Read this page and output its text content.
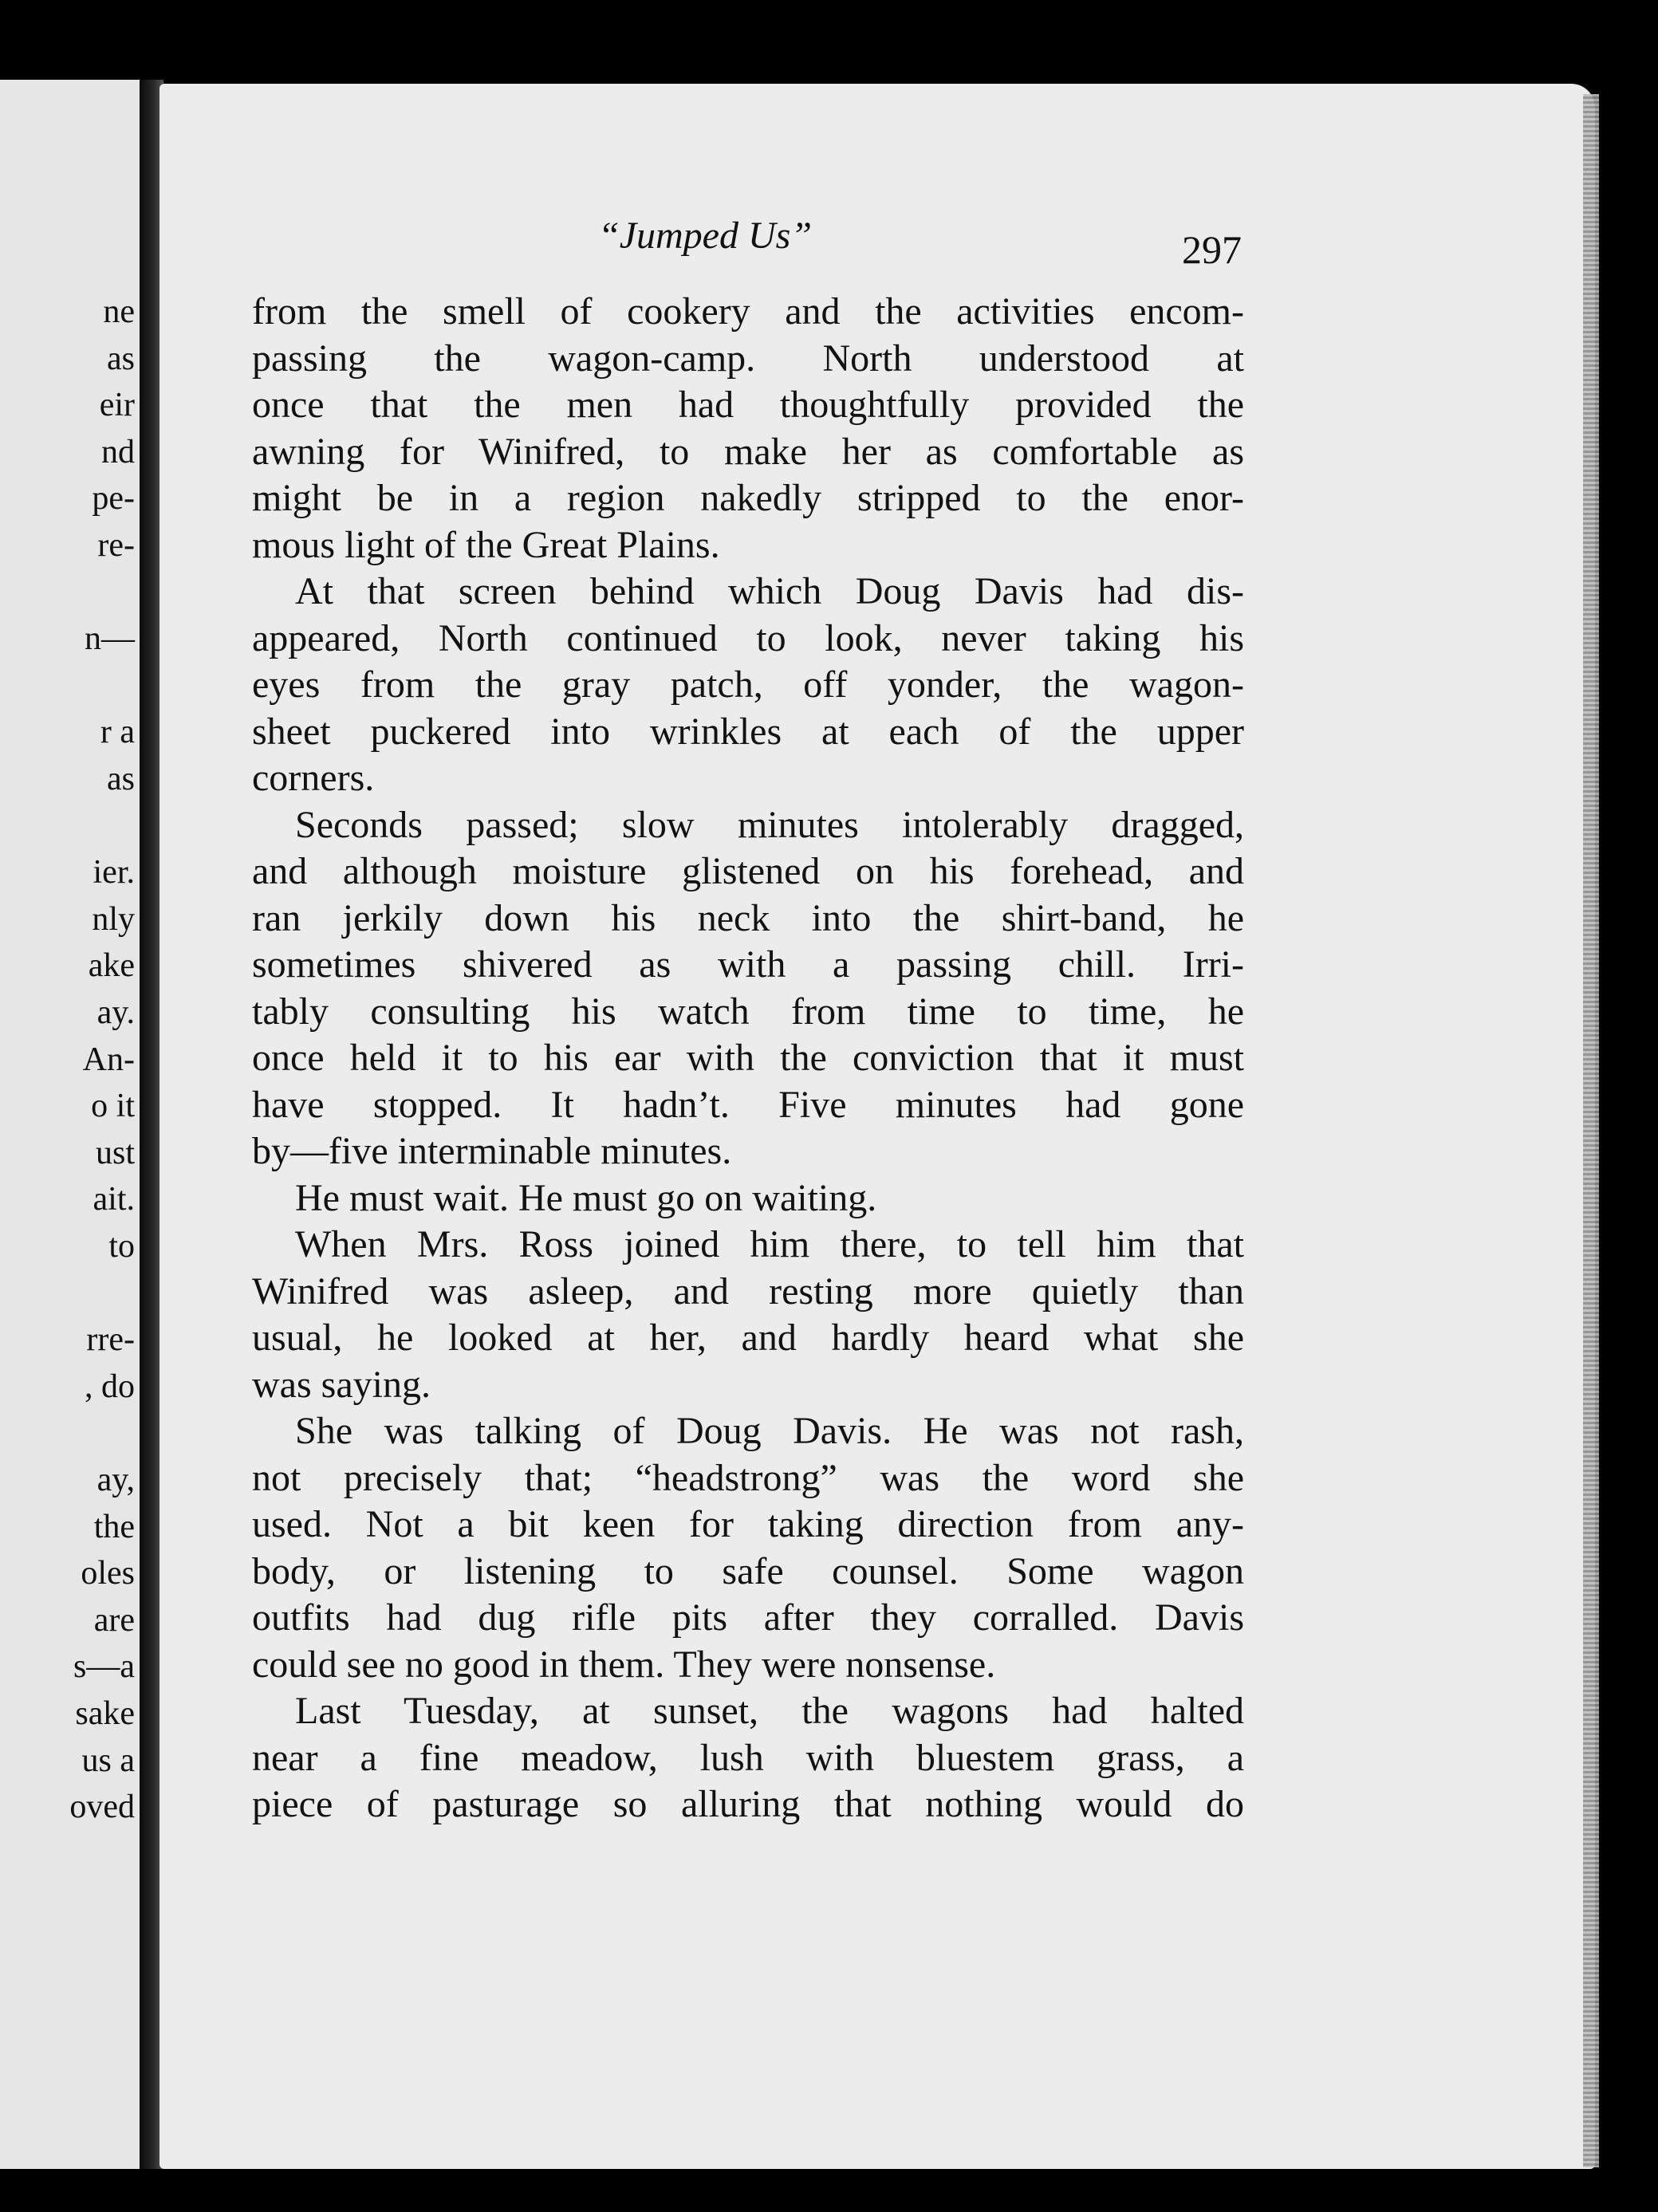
ne
as
eir
nd
pe-
re-
n—
r a
as
ier.
nly
ake
ay.
An-
o it
ust
ait.
to
rre-
, do
ay,
the
oles
are
s—a
sake
us a
oved
“Jumped Us”	297
from the smell of cookery and the activities encom-
passing the wagon-camp. North understood at
once that the men had thoughtfully provided the
awning for Winifred, to make her as comfortable as
might be in a region nakedly stripped to the enor-
mous light of the Great Plains.
At that screen behind which Doug Davis had dis-
appeared, North continued to look, never taking his
eyes from the gray patch, off yonder, the wagon-
sheet puckered into wrinkles at each of the upper
corners.
Seconds passed; slow minutes intolerably dragged,
and although moisture glistened on his forehead, and
ran jerkily down his neck into the shirt-band, he
sometimes shivered as with a passing chill. Irri-
tably consulting his watch from time to time, he
once held it to his ear with the conviction that it must
have stopped. It hadn’t. Five minutes had gone
by—five interminable minutes.
He must wait. He must go on waiting.
When Mrs. Ross joined him there, to tell him that
Winifred was asleep, and resting more quietly than
usual, he looked at her, and hardly heard what she
was saying.
She was talking of Doug Davis. He was not rash,
not precisely that; “headstrong” was the word she
used. Not a bit keen for taking direction from any-
body, or listening to safe counsel. Some wagon
outfits had dug rifle pits after they corralled. Davis
could see no good in them. They were nonsense.
Last Tuesday, at sunset, the wagons had halted
near a fine meadow, lush with bluestem grass, a
piece of pasturage so alluring that nothing would do
